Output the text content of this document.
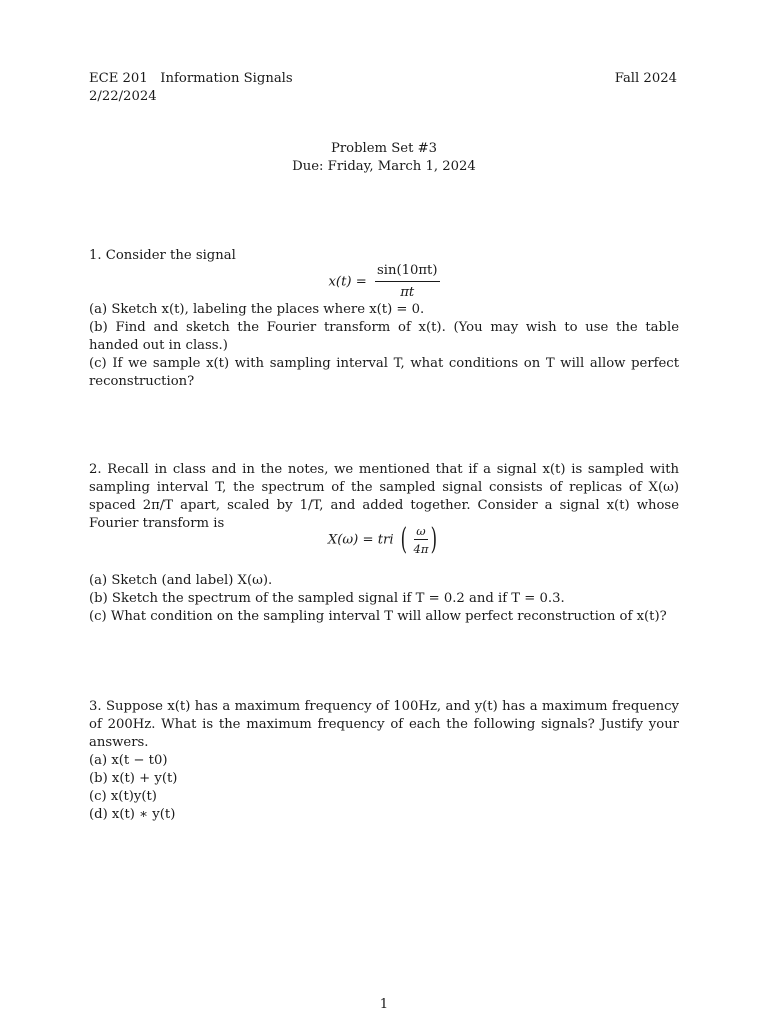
ECE 201 Information Signals
2/22/2024
Fall 2024
Problem Set #3
Due: Friday, March 1, 2024
1. Consider the signal
$x(t) = \frac{\sin(10\pi t)}{\pi t}$
(a) Sketch x(t), labeling the places where x(t) = 0.
(b) Find and sketch the Fourier transform of x(t). (You may wish to use the table handed out in class.)
(c) If we sample x(t) with sampling interval T, what conditions on T will allow perfect reconstruction?
2. Recall in class and in the notes, we mentioned that if a signal x(t) is sampled with sampling interval T, the spectrum of the sampled signal consists of replicas of X(ω) spaced 2π/T apart, scaled by 1/T, and added together. Consider a signal x(t) whose Fourier transform is
X(ω) = tri ( $\frac{\omega}{4\pi}$ )
(a) Sketch (and label) X(ω).
(b) Sketch the spectrum of the sampled signal if T = 0.2 and if T = 0.3.
(c) What condition on the sampling interval T will allow perfect reconstruction of x(t)?
3. Suppose x(t) has a maximum frequency of 100Hz, and y(t) has a maximum frequency of 200Hz. What is the maximum frequency of each the following signals? Justify your answers.
(a) x(t − t0)
(b) x(t) + y(t)
(c) x(t)y(t)
(d) x(t) ∗ y(t)
1
